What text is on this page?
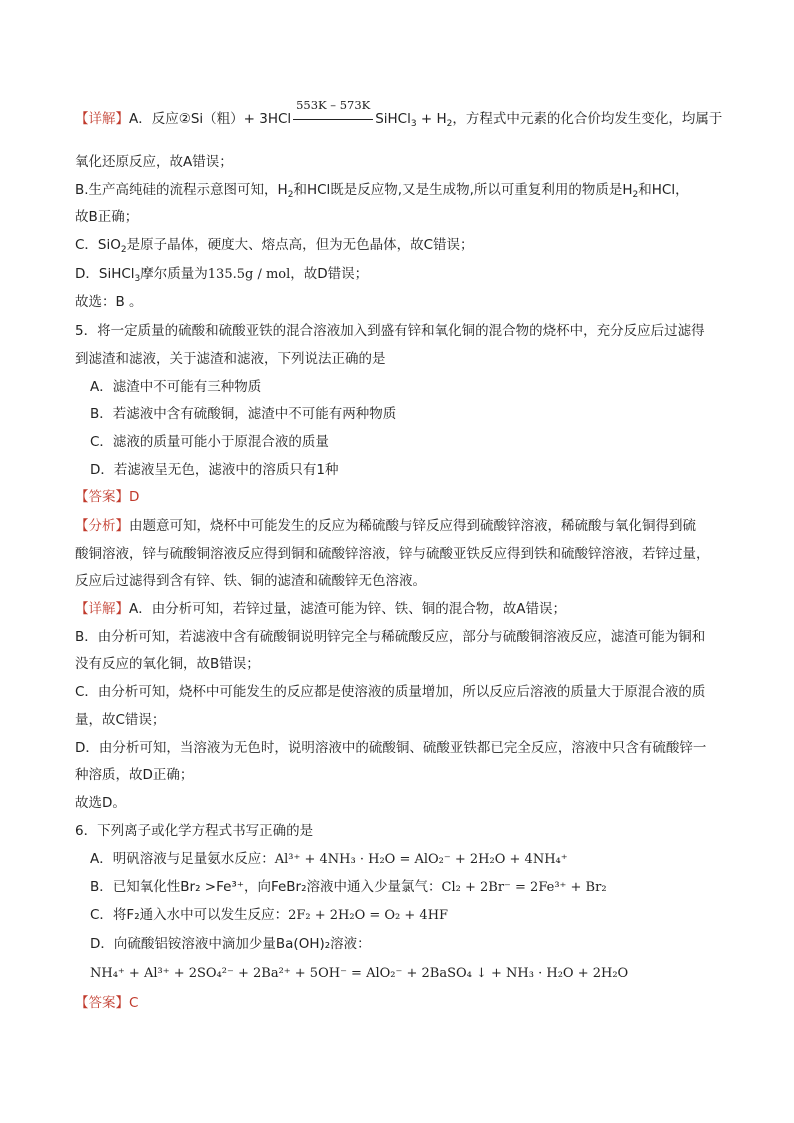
【详解】A．反应②Si（粗）+ 3HCl
553K – 573K
SiHCl$_3$ + $H_2$，方程式中元素的化合价均发生变化，均属于
氧化还原反应，故A错误；
B.生产高纯硅的流程示意图可知，$H_2$和HCl既是反应物,又是生成物,所以可重复利用的物质是$H_2$和HCl，
故B正确；
C．SiO$_2$是原子晶体，硬度大、熔点高，但为无色晶体，故C错误；
D．SiHCl$_3$摩尔质量为135.5g / mol，故D错误；
故选：B 。
5．将一定质量的硫酸和硫酸亚铁的混合溶液加入到盛有锌和氧化铜的混合物的烧杯中，充分反应后过滤得
到滤渣和滤液，关于滤渣和滤液，下列说法正确的是
A．滤渣中不可能有三种物质
B．若滤液中含有硫酸铜，滤渣中不可能有两种物质
C．滤液的质量可能小于原混合液的质量
D．若滤液呈无色，滤液中的溶质只有1种
【答案】D
【分析】由题意可知，烧杯中可能发生的反应为稀硫酸与锌反应得到硫酸锌溶液，稀硫酸与氧化铜得到硫
酸铜溶液，锌与硫酸铜溶液反应得到铜和硫酸锌溶液，锌与硫酸亚铁反应得到铁和硫酸锌溶液，若锌过量，
反应后过滤得到含有锌、铁、铜的滤渣和硫酸锌无色溶液。
【详解】A．由分析可知，若锌过量，滤渣可能为锌、铁、铜的混合物，故A错误；
B．由分析可知，若滤液中含有硫酸铜说明锌完全与稀硫酸反应，部分与硫酸铜溶液反应，滤渣可能为铜和
没有反应的氧化铜，故B错误；
C．由分析可知，烧杯中可能发生的反应都是使溶液的质量增加，所以反应后溶液的质量大于原混合液的质
量，故C错误；
D．由分析可知，当溶液为无色时，说明溶液中的硫酸铜、硫酸亚铁都已完全反应，溶液中只含有硫酸锌一
种溶质，故D正确；
故选D。
6．下列离子或化学方程式书写正确的是
A．明矾溶液与足量氨水反应：Al³⁺ + 4NH₃ · H₂O = AlO₂⁻ + 2H₂O + 4NH₄⁺
B．已知氧化性Br₂ >Fe³⁺，向FeBr₂溶液中通入少量氯气：Cl₂ + 2Br⁻ = 2Fe³⁺ + Br₂
C．将F₂通入水中可以发生反应：2F₂ + 2H₂O = O₂ + 4HF
D．向硫酸铝铵溶液中滴加少量Ba(OH)₂溶液：
NH₄⁺ + Al³⁺ + 2SO₄²⁻ + 2Ba²⁺ + 5OH⁻ = AlO₂⁻ + 2BaSO₄ ↓ + NH₃ · H₂O + 2H₂O
【答案】C
